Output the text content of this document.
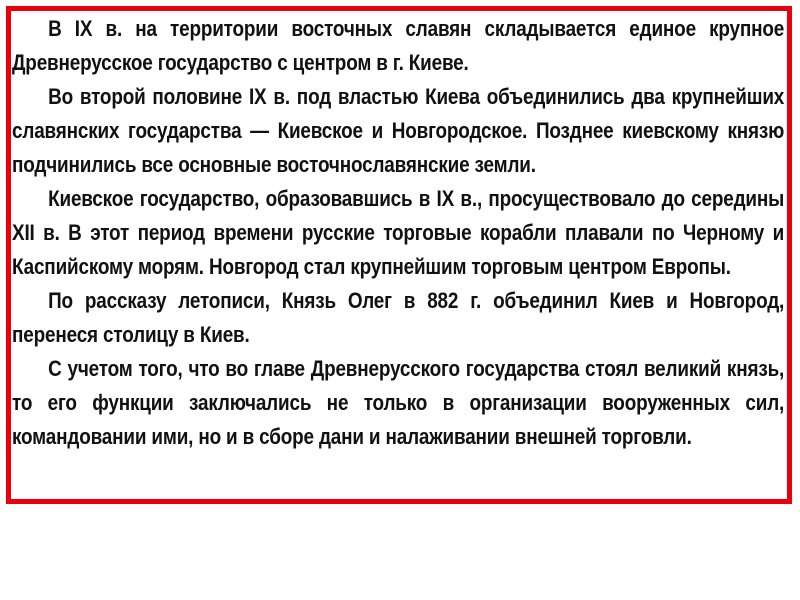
В IX в. на территории восточных славян складывается единое крупное Древнерусское государство с центром в г. Киеве.

Во второй половине IX в. под властью Киева объединились два крупнейших славянских государства — Киевское и Новгородское. Позднее киевскому князю подчинились все основные восточнославянские земли.

Киевское государство, образовавшись в IX в., просуществовало до середины XII в. В этот период времени русские торговые корабли плавали по Черному и Каспийскому морям. Новгород стал крупнейшим торговым центром Европы.

По рассказу летописи, Князь Олег в 882 г. объединил Киев и Новгород, перенеся столицу в Киев.

С учетом того, что во главе Древнерусского государства стоял великий князь, то его функции заключались не только в организации вооруженных сил, командовании ими, но и в сборе дани и налаживании внешней торговли.
